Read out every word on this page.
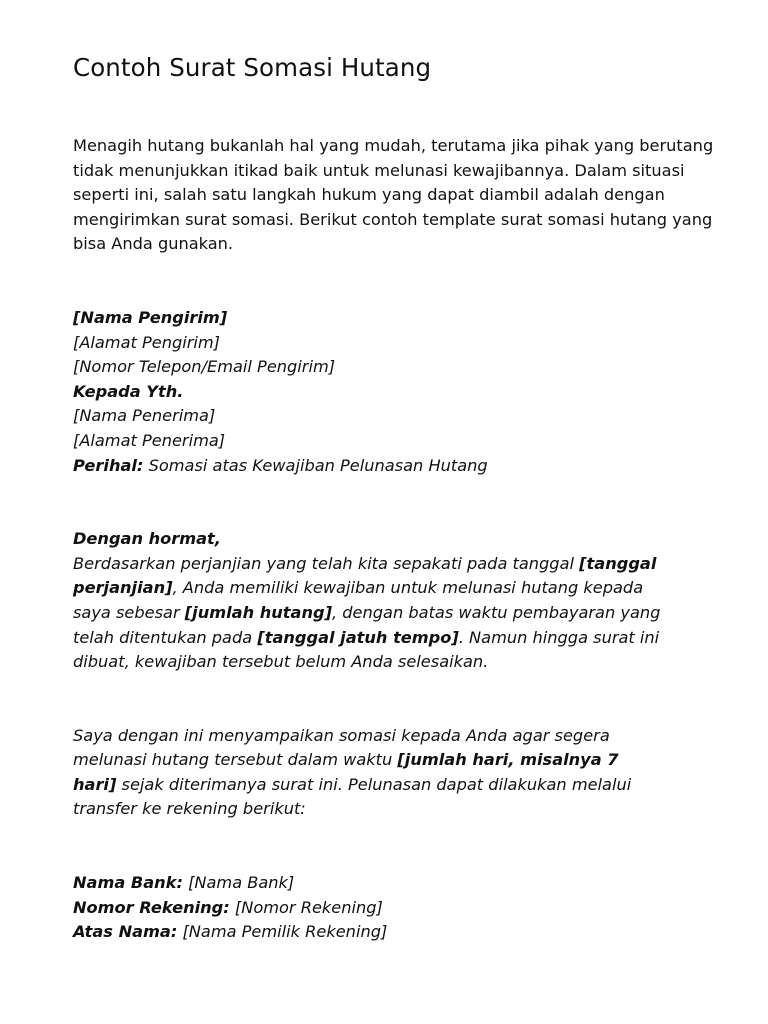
Contoh Surat Somasi Hutang

Menagih hutang bukanlah hal yang mudah, terutama jika pihak yang berutang tidak menunjukkan itikad baik untuk melunasi kewajibannya. Dalam situasi seperti ini, salah satu langkah hukum yang dapat diambil adalah dengan mengirimkan surat somasi. Berikut contoh template surat somasi hutang yang bisa Anda gunakan.

[Nama Pengirim]
[Alamat Pengirim]
[Nomor Telepon/Email Pengirim]
Kepada Yth.
[Nama Penerima]
[Alamat Penerima]
Perihal: Somasi atas Kewajiban Pelunasan Hutang
Dengan hormat,
Berdasarkan perjanjian yang telah kita sepakati pada tanggal [tanggal
perjanjian], Anda memiliki kewajiban untuk melunasi hutang kepada
saya sebesar [jumlah hutang], dengan batas waktu pembayaran yang
telah ditentukan pada [tanggal jatuh tempo]. Namun hingga surat ini
dibuat, kewajiban tersebut belum Anda selesaikan.
Saya dengan ini menyampaikan somasi kepada Anda agar segera
melunasi hutang tersebut dalam waktu [jumlah hari, misalnya 7
hari] sejak diterimanya surat ini. Pelunasan dapat dilakukan melalui
transfer ke rekening berikut:
Nama Bank: [Nama Bank]
Nomor Rekening: [Nomor Rekening]
Atas Nama: [Nama Pemilik Rekening]
